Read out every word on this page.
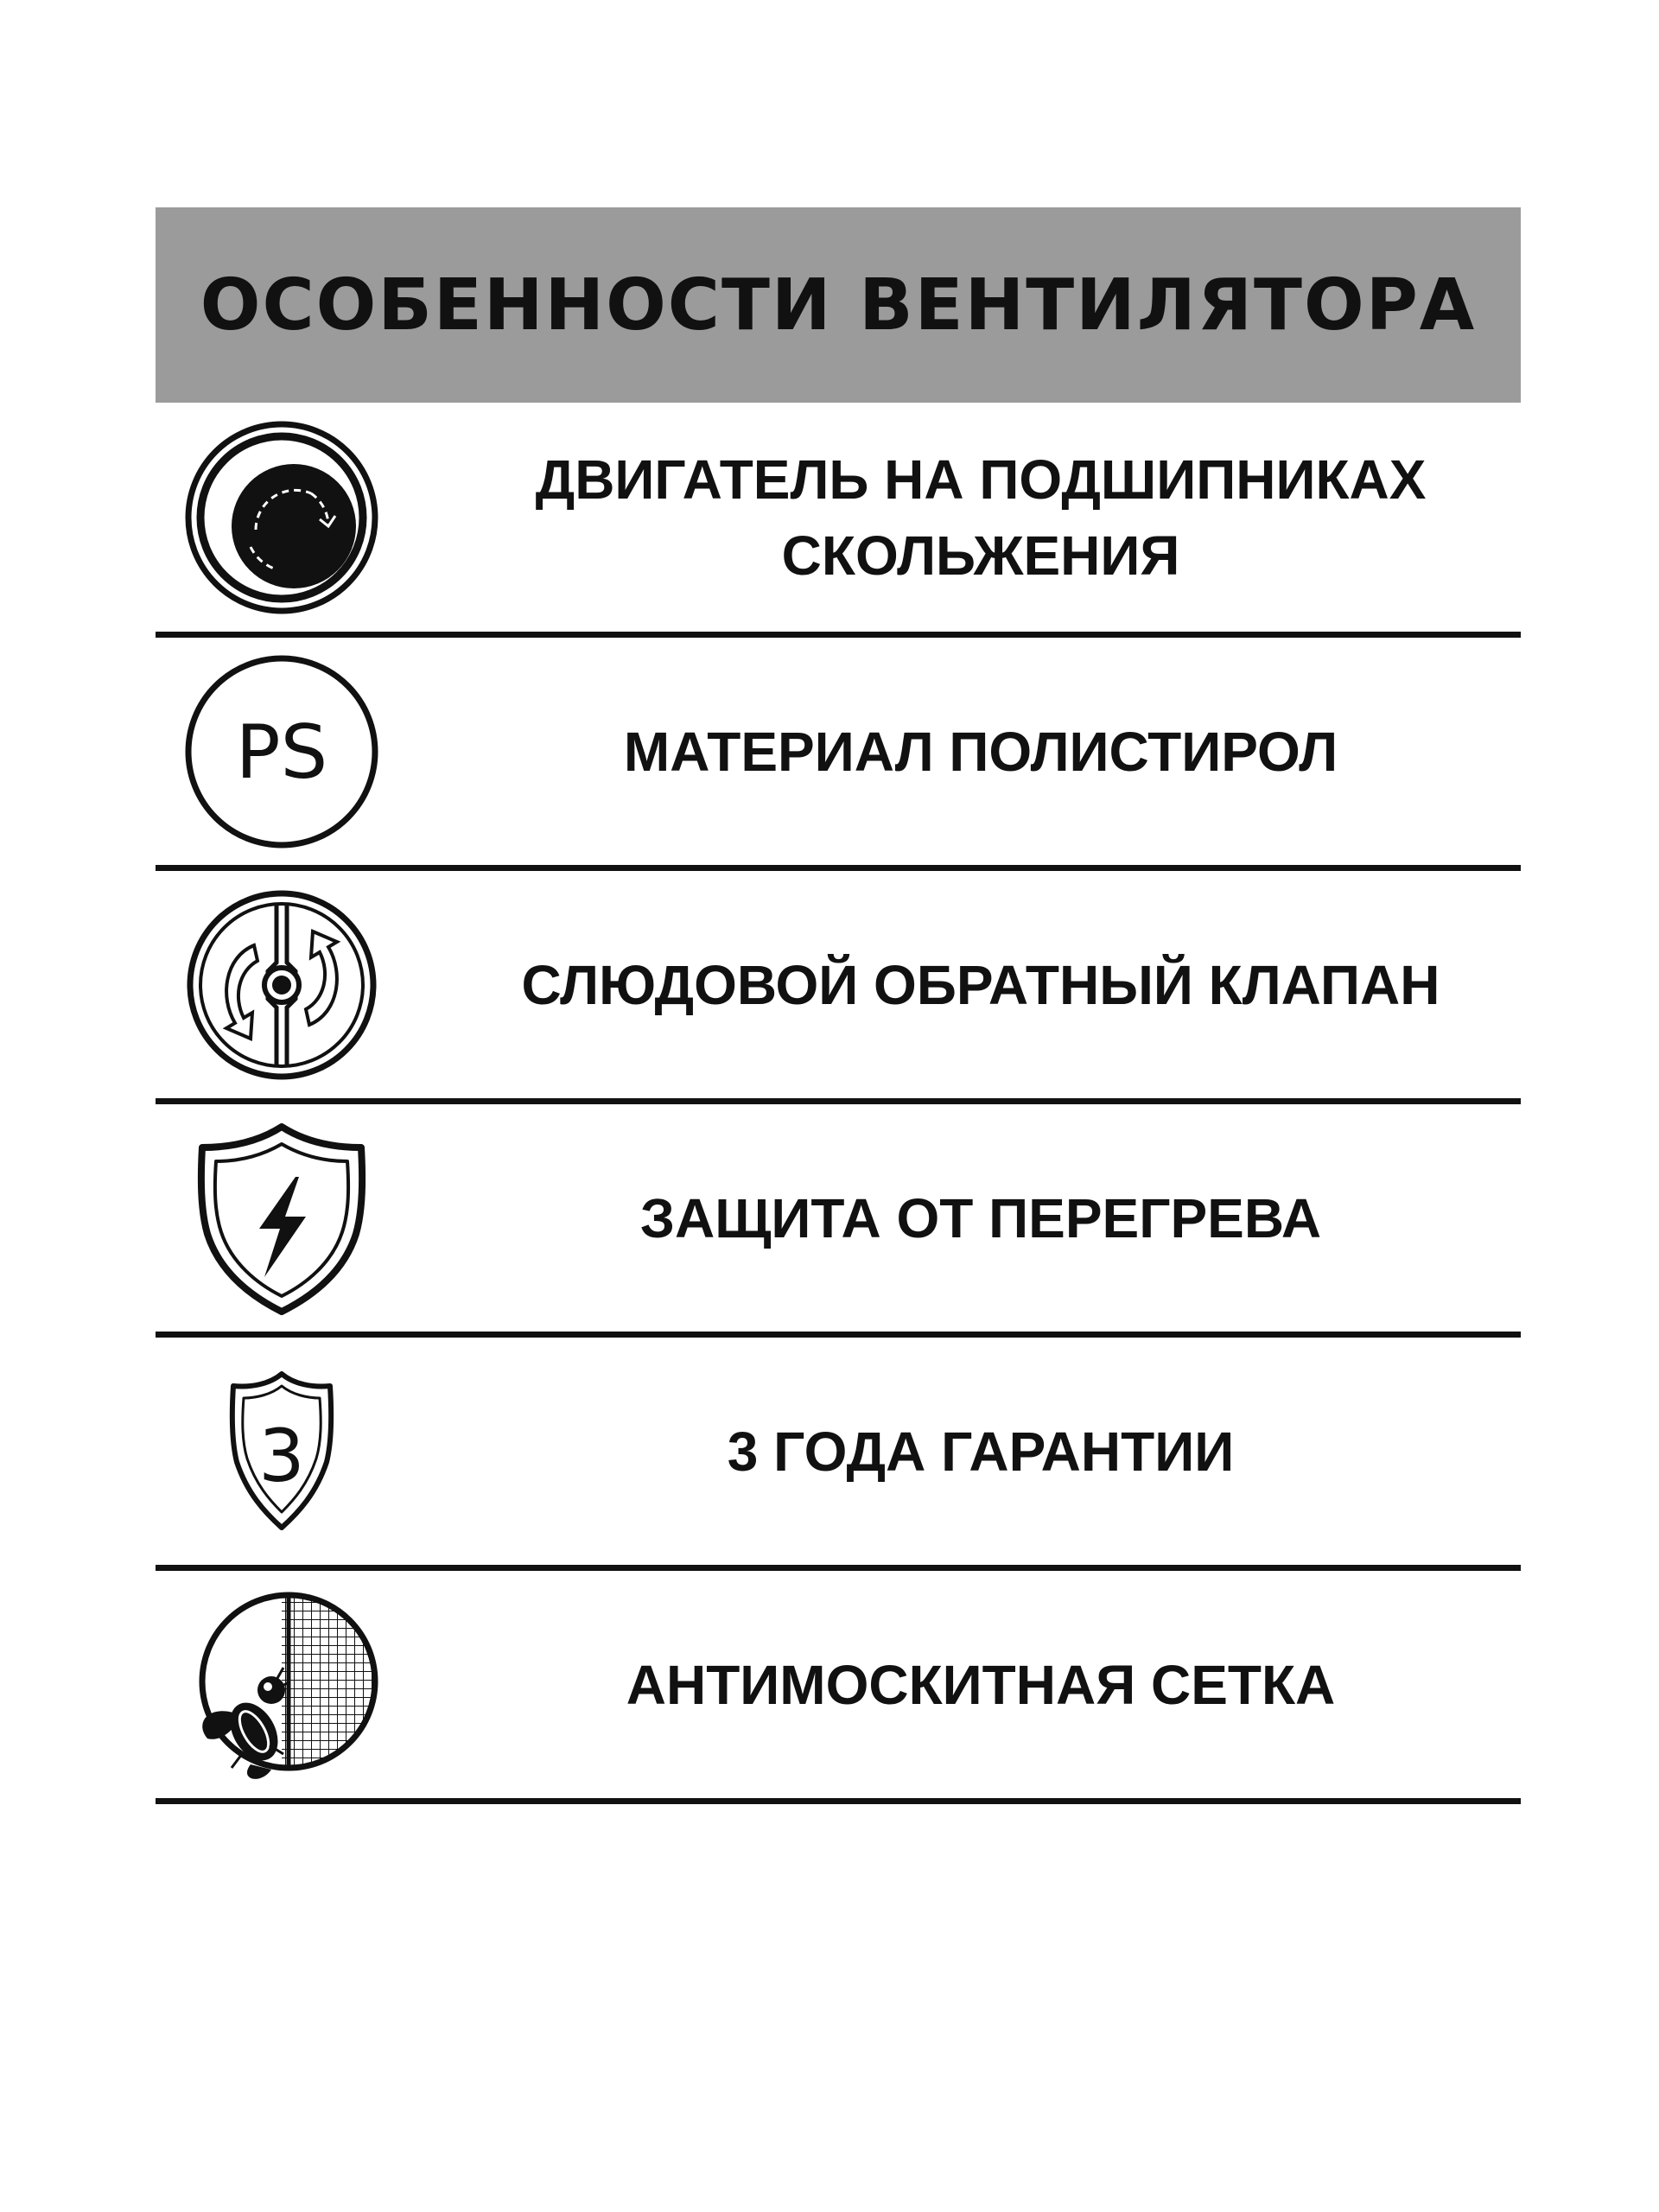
ОСОБЕННОСТИ ВЕНТИЛЯТОРА
ДВИГАТЕЛЬ НА ПОДШИПНИКАХ
СКОЛЬЖЕНИЯ
PS	МАТЕРИАЛ ПОЛИСТИРОЛ
СЛЮДОВОЙ ОБРАТНЫЙ КЛАПАН
ЗАЩИТА ОТ ПЕРЕГРЕВА
3	3 ГОДА ГАРАНТИИ
АНТИМОСКИТНАЯ СЕТКА
